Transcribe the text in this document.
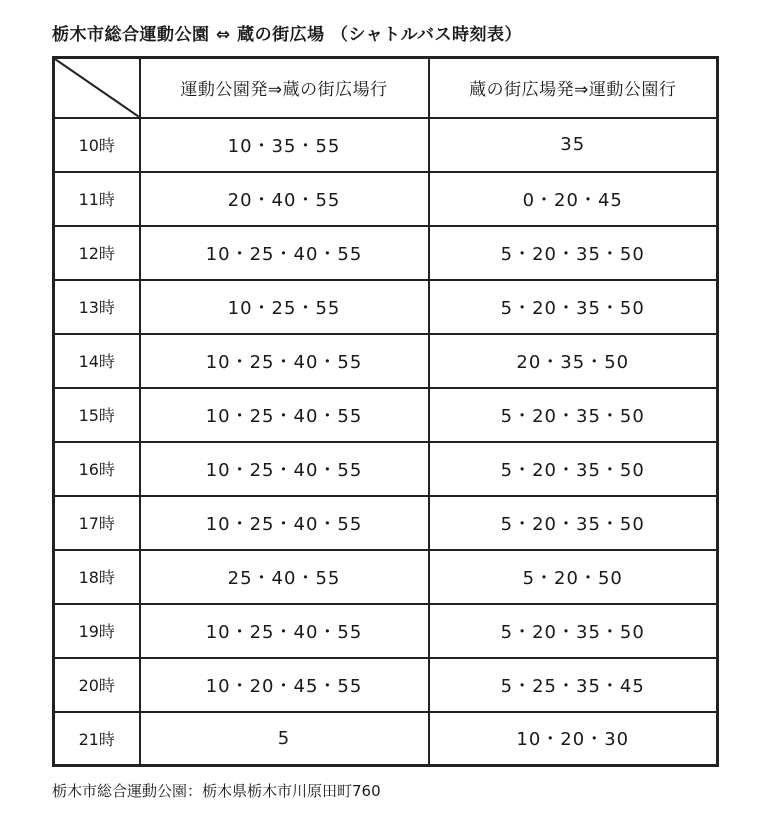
栃木市総合運動公園 ⇔ 蔵の街広場 （シャトルバス時刻表）
	運動公園発⇒蔵の街広場行	蔵の街広場発⇒運動公園行
10時	10・35・55	35
11時	20・40・55	0・20・45
12時	10・25・40・55	5・20・35・50
13時	10・25・55	5・20・35・50
14時	10・25・40・55	20・35・50
15時	10・25・40・55	5・20・35・50
16時	10・25・40・55	5・20・35・50
17時	10・25・40・55	5・20・35・50
18時	25・40・55	5・20・50
19時	10・25・40・55	5・20・35・50
20時	10・20・45・55	5・25・35・45
21時	5	10・20・30
栃木市総合運動公園：栃木県栃木市川原田町760
